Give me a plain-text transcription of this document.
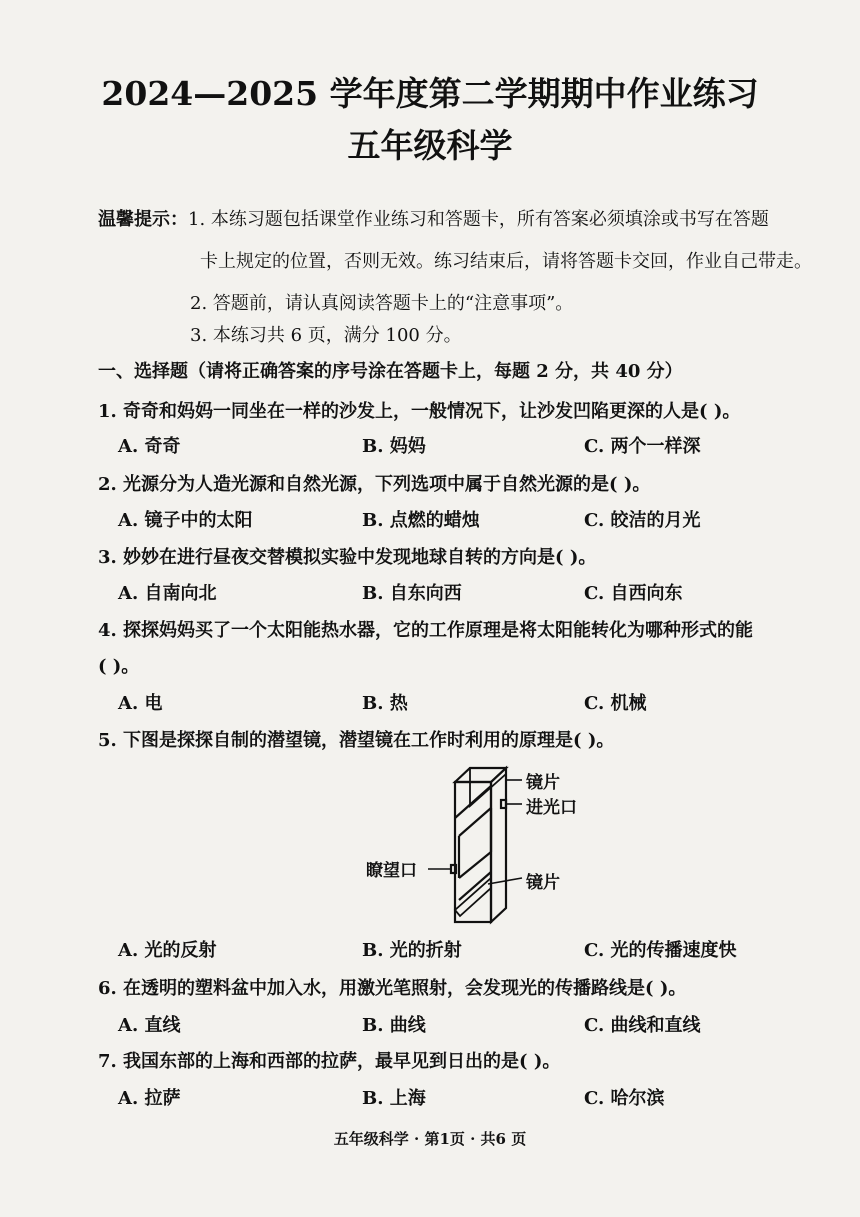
2024—2025 学年度第二学期期中作业练习
五年级科学
温馨提示：1. 本练习题包括课堂作业练习和答题卡，所有答案必须填涂或书写在答题
卡上规定的位置，否则无效。练习结束后，请将答题卡交回，作业自己带走。
2. 答题前，请认真阅读答题卡上的“注意事项”。
3. 本练习共 6 页，满分 100 分。
一、选择题（请将正确答案的序号涂在答题卡上，每题 2 分，共 40 分）
1. 奇奇和妈妈一同坐在一样的沙发上，一般情况下，让沙发凹陷更深的人是( )。
A. 奇奇	B. 妈妈	C. 两个一样深
2. 光源分为人造光源和自然光源，下列选项中属于自然光源的是( )。
A. 镜子中的太阳	B. 点燃的蜡烛	C. 皎洁的月光
3. 妙妙在进行昼夜交替模拟实验中发现地球自转的方向是( )。
A. 自南向北	B. 自东向西	C. 自西向东
4. 探探妈妈买了一个太阳能热水器，它的工作原理是将太阳能转化为哪种形式的能
( )。
A. 电	B. 热	C. 机械
5. 下图是探探自制的潜望镜，潜望镜在工作时利用的原理是( )。
镜片
进光口
瞭望口
镜片
A. 光的反射	B. 光的折射	C. 光的传播速度快
6. 在透明的塑料盆中加入水，用激光笔照射，会发现光的传播路线是( )。
A. 直线	B. 曲线	C. 曲线和直线
7. 我国东部的上海和西部的拉萨，最早见到日出的是( )。
A. 拉萨	B. 上海	C. 哈尔滨
五年级科学 · 第1页 · 共6 页
